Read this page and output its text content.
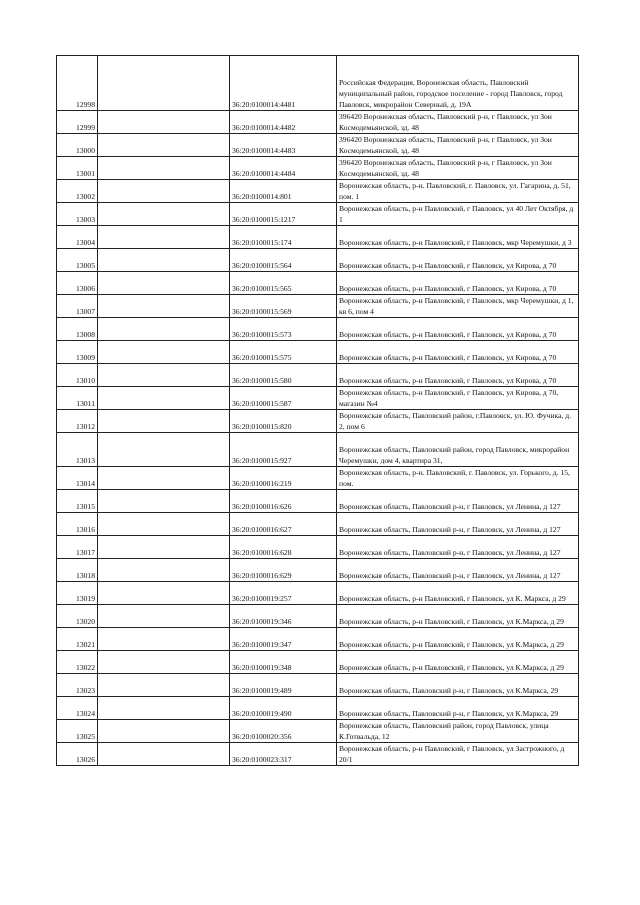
12998		36:20:0100014:4481	Российская Федерация, Воронежская область, Павловский муниципальный район, городское поселение - город Павловск, город Павловск, микрорайон Северный, д. 19А
12999		36:20:0100014:4482	396420 Воронежская область, Павловский р-н, г Павловск, ул Зои Космодемьянской, зд. 48
13000		36:20:0100014:4483	396420 Воронежская область, Павловский р-н, г Павловск, ул Зои Космодемьянской, зд. 48
13001		36:20:0100014:4484	396420 Воронежская область, Павловский р-н, г Павловск, ул Зои Космодемьянской, зд. 48
13002		36:20:0100014:801	Воронежская область, р-н. Павловский, г. Павловск, ул. Гагарина, д. 51, пом. 1
13003		36:20:0100015:1217	Воронежская область, р-н Павловский, г Павловск, ул 40 Лет Октября, д 1
13004		36:20:0100015:174	Воронежская область, р-н Павловский, г Павловск, мкр Черемушки, д 3
13005		36:20:0100015:564	Воронежская область, р-н Павловский, г Павловск, ул Кирова, д 70
13006		36:20:0100015:565	Воронежская область, р-н Павловский, г Павловск, ул Кирова, д 70
13007		36:20:0100015:569	Воронежская область, р-н Павловский, г Павловск, мкр Черемушки, д 1, кв 6, пом 4
13008		36:20:0100015:573	Воронежская область, р-н Павловский, г Павловск, ул Кирова, д 70
13009		36:20:0100015:575	Воронежская область, р-н Павловский, г Павловск, ул Кирова, д 70
13010		36:20:0100015:580	Воронежская область, р-н Павловский, г Павловск, ул Кирова, д 70
13011		36:20:0100015:587	Воронежская область, р-н Павловский, г Павловск, ул Кирова, д 70, магазин №4
13012		36:20:0100015:820	Воронежская область, Павловский район, г.Павловск, ул. Ю. Фучика, д. 2, пом 6
13013		36:20:0100015:927	Воронежская область, Павловский район, город Павловск, микрорайон Черемушки, дом 4, квартира 31,
13014		36:20:0100016:219	Воронежская область, р-н. Павловский, г. Павловск, ул. Горького, д. 15, пом.
13015		36:20:0100016:626	Воронежская область, Павловский р-н, г Павловск, ул Ленина, д 127
13016		36:20:0100016:627	Воронежская область, Павловский р-н, г Павловск, ул Ленина, д 127
13017		36:20:0100016:628	Воронежская область, Павловский р-н, г Павловск, ул Ленина, д 127
13018		36:20:0100016:629	Воронежская область, Павловский р-н, г Павловск, ул Ленина, д 127
13019		36:20:0100019:257	Воронежская область, р-н Павловский, г Павловск, ул К. Маркса, д 29
13020		36:20:0100019:346	Воронежская область, р-н Павловский, г Павловск, ул К.Маркса, д 29
13021		36:20:0100019:347	Воронежская область, р-н Павловский, г Павловск, ул К.Маркса, д 29
13022		36:20:0100019:348	Воронежская область, р-н Павловский, г Павловск, ул К.Маркса, д 29
13023		36:20:0100019:489	Воронежская область, Павловский р-н, г Павловск, ул К.Маркса, 29
13024		36:20:0100019:490	Воронежская область, Павловский р-н, г Павловск, ул К.Маркса, 29
13025		36:20:0100020:356	Воронежская область, Павловский район, город Павловск, улица К.Готвальда, 12
13026		36:20:0100023:317	Воронежская область, р-н Павловский, г Павловск, ул Застрожного, д 20/1
